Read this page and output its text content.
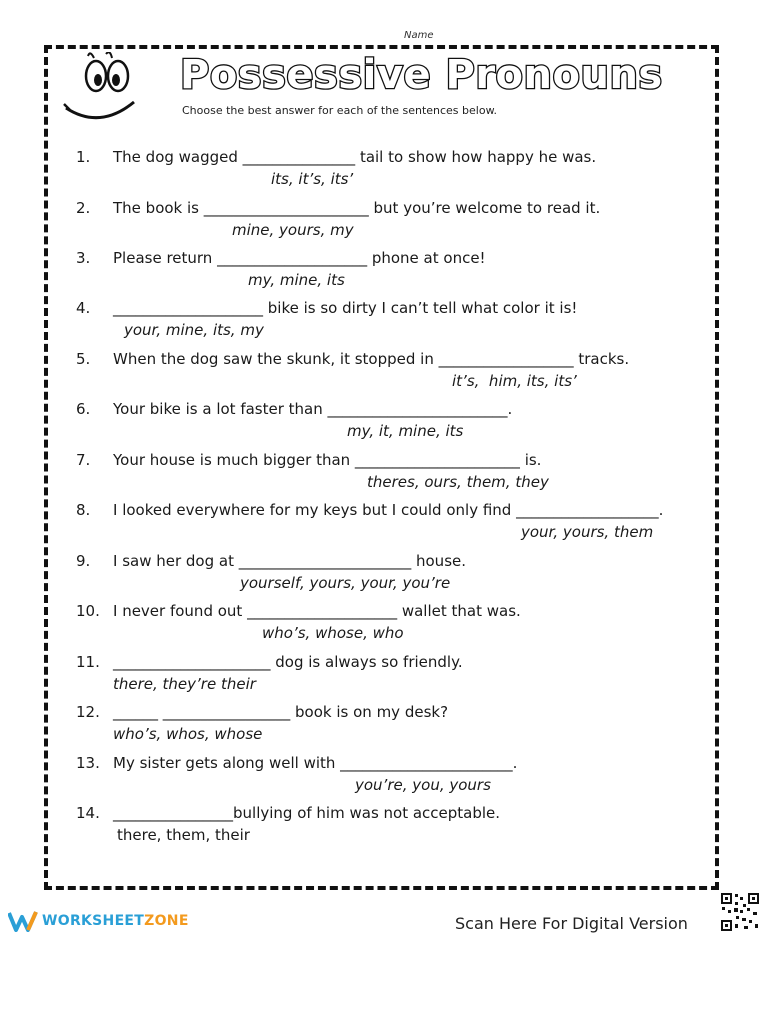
Name
Possessive Pronouns
Choose the best answer for each of the sentences below.
1. The dog wagged _______________ tail to show how happy he was.
its, it’s, its’
2. The book is ______________________ but you’re welcome to read it.
mine, yours, my
3. Please return ____________________ phone at once!
my, mine, its
4. ____________________ bike is so dirty I can’t tell what color it is!
your, mine, its, my
5. When the dog saw the skunk, it stopped in __________________ tracks.
it’s,  him, its, its’
6. Your bike is a lot faster than ________________________.
my, it, mine, its
7. Your house is much bigger than ______________________ is.
theres, ours, them, they
8. I looked everywhere for my keys but I could only find ___________________.
your, yours, them
9. I saw her dog at _______________________ house.
yourself, yours, your, you’re
10. I never found out ____________________ wallet that was.
who’s, whose, who
11. _____________________ dog is always so friendly.
there, they’re their
12. ______ _________________ book is on my desk?
who’s, whos, whose
13. My sister gets along well with _______________________.
you’re, you, yours
14. ________________bullying of him was not acceptable.
there, them, their
WORKSHEETZONE	Scan Here For Digital Version
